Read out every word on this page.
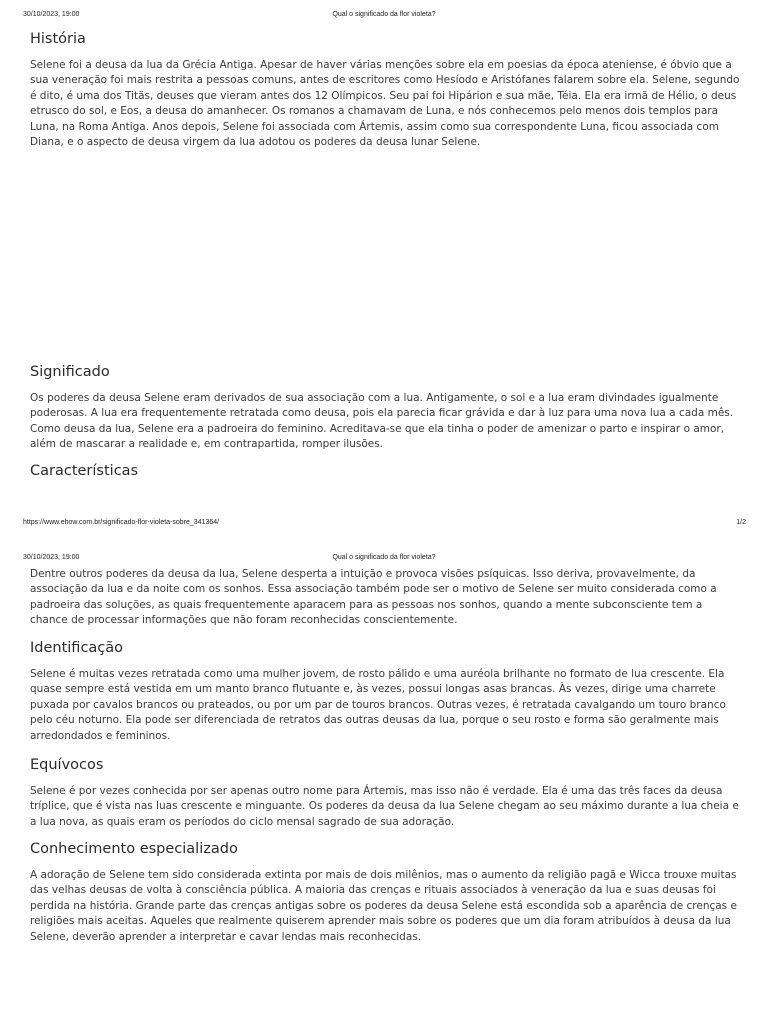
30/10/2023, 19:00	Qual o significado da flor violeta?
História

Selene foi a deusa da lua da Grécia Antiga. Apesar de haver várias menções sobre ela em poesias da época ateniense, é óbvio que a sua veneração foi mais restrita a pessoas comuns, antes de escritores como Hesíodo e Aristófanes falarem sobre ela. Selene, segundo é dito, é uma dos Titãs, deuses que vieram antes dos 12 Olímpicos. Seu pai foi Hipárion e sua mãe, Téia. Ela era irmã de Hélio, o deus etrusco do sol, e Eos, a deusa do amanhecer. Os romanos a chamavam de Luna, e nós conhecemos pelo menos dois templos para Luna, na Roma Antiga. Anos depois, Selene foi associada com Ártemis, assim como sua correspondente Luna, ficou associada com Diana, e o aspecto de deusa virgem da lua adotou os poderes da deusa lunar Selene.

Significado

Os poderes da deusa Selene eram derivados de sua associação com a lua. Antigamente, o sol e a lua eram divindades igualmente poderosas. A lua era frequentemente retratada como deusa, pois ela parecia ficar grávida e dar à luz para uma nova lua a cada mês. Como deusa da lua, Selene era a padroeira do feminino. Acreditava-se que ela tinha o poder de amenizar o parto e inspirar o amor, além de mascarar a realidade e, em contrapartida, romper ilusões.

Características
https://www.ehow.com.br/significado-flor-violeta-sobre_341364/	1/2
30/10/2023, 19:00	Qual o significado da flor violeta?

Dentre outros poderes da deusa da lua, Selene desperta a intuição e provoca visões psíquicas. Isso deriva, provavelmente, da associação da lua e da noite com os sonhos. Essa associação também pode ser o motivo de Selene ser muito considerada como a padroeira das soluções, as quais frequentemente aparacem para as pessoas nos sonhos, quando a mente subconsciente tem a chance de processar informações que não foram reconhecidas conscientemente.

Identificação

Selene é muitas vezes retratada como uma mulher jovem, de rosto pálido e uma auréola brilhante no formato de lua crescente. Ela quase sempre está vestida em um manto branco flutuante e, às vezes, possui longas asas brancas. Às vezes, dirige uma charrete puxada por cavalos brancos ou prateados, ou por um par de touros brancos. Outras vezes, é retratada cavalgando um touro branco pelo céu noturno. Ela pode ser diferenciada de retratos das outras deusas da lua, porque o seu rosto e forma são geralmente mais arredondados e femininos.

Equívocos

Selene é por vezes conhecida por ser apenas outro nome para Ártemis, mas isso não é verdade. Ela é uma das três faces da deusa tríplice, que é vista nas luas crescente e minguante. Os poderes da deusa da lua Selene chegam ao seu máximo durante a lua cheia e a lua nova, as quais eram os períodos do ciclo mensal sagrado de sua adoração.

Conhecimento especializado

A adoração de Selene tem sido considerada extinta por mais de dois milênios, mas o aumento da religião pagã e Wicca trouxe muitas das velhas deusas de volta à consciência pública. A maioria das crenças e rituais associados à veneração da lua e suas deusas foi perdida na história. Grande parte das crenças antigas sobre os poderes da deusa Selene está escondida sob a aparência de crenças e religiões mais aceitas. Aqueles que realmente quiserem aprender mais sobre os poderes que um dia foram atribuídos à deusa da lua Selene, deverão aprender a interpretar e cavar lendas mais reconhecidas.
